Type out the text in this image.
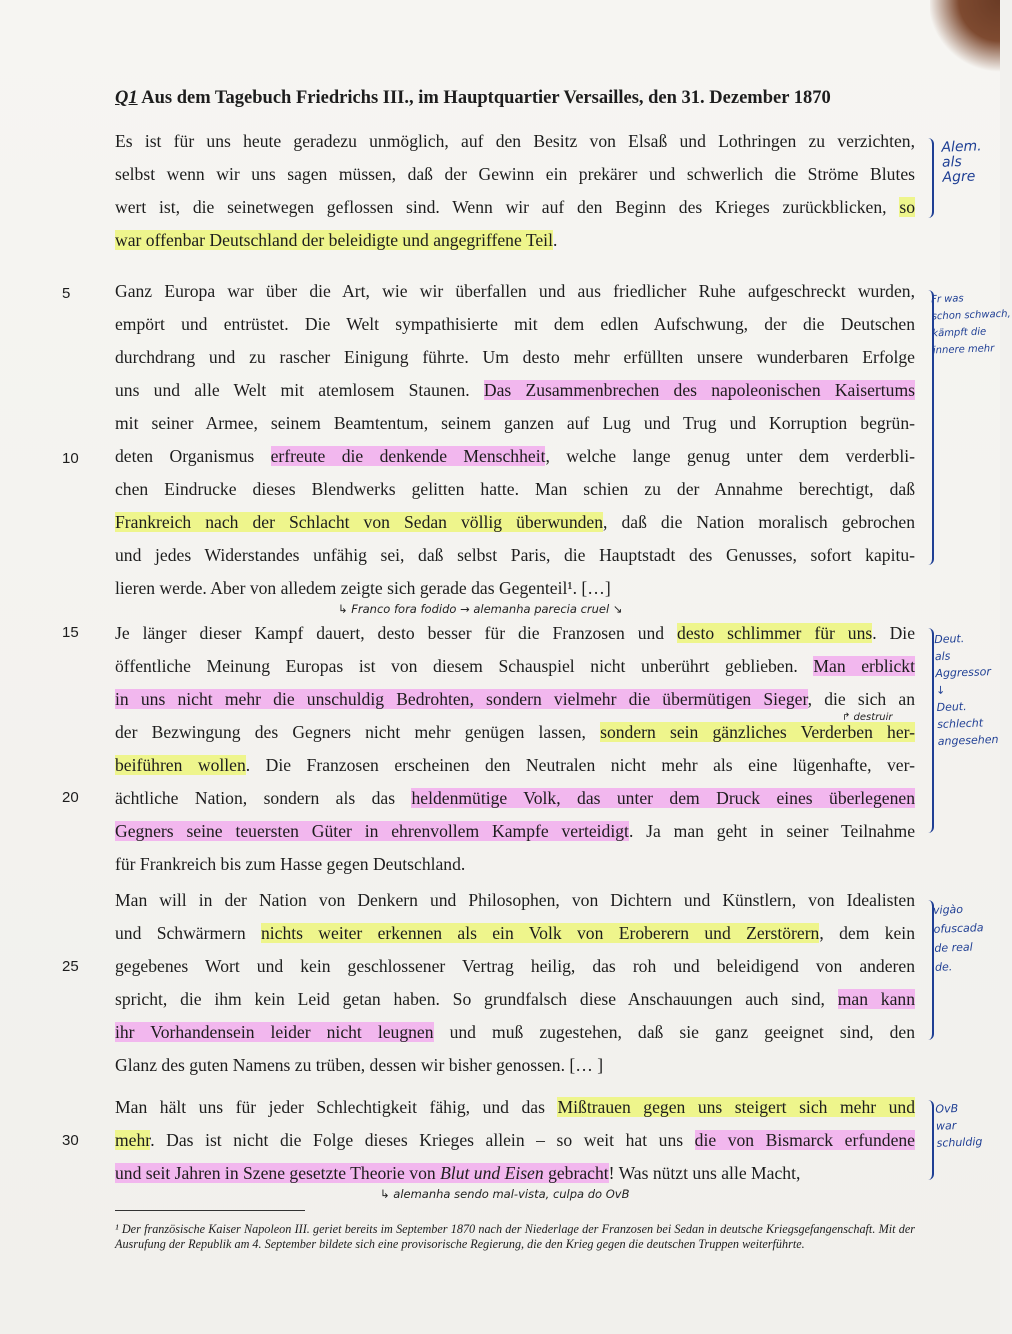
Q1 Aus dem Tagebuch Friedrichs III., im Hauptquartier Versailles, den 31. Dezember 1870
Es ist für uns heute geradezu unmöglich, auf den Besitz von Elsaß und Lothringen zu verzichten,
selbst wenn wir uns sagen müssen, daß der Gewinn ein prekärer und schwerlich die Ströme Blutes
wert ist, die seinetwegen geflossen sind. Wenn wir auf den Beginn des Krieges zurückblicken, so
war offenbar Deutschland der beleidigte und angegriffene Teil.
Ganz Europa war über die Art, wie wir überfallen und aus friedlicher Ruhe aufgeschreckt wurden,
empört und entrüstet. Die Welt sympathisierte mit dem edlen Aufschwung, der die Deutschen
durchdrang und zu rascher Einigung führte. Um desto mehr erfüllten unsere wunderbaren Erfolge
uns und alle Welt mit atemlosem Staunen. Das Zusammenbrechen des napoleonischen Kaisertums
mit seiner Armee, seinem Beamtentum, seinem ganzen auf Lug und Trug und Korruption begrün-
deten Organismus erfreute die denkende Menschheit, welche lange genug unter dem verderbli-
chen Eindrucke dieses Blendwerks gelitten hatte. Man schien zu der Annahme berechtigt, daß
Frankreich nach der Schlacht von Sedan völlig überwunden, daß die Nation moralisch gebrochen
und jedes Widerstandes unfähig sei, daß selbst Paris, die Hauptstadt des Genusses, sofort kapitu-
lieren werde. Aber von alledem zeigte sich gerade das Gegenteil¹. […]
Je länger dieser Kampf dauert, desto besser für die Franzosen und desto schlimmer für uns. Die
öffentliche Meinung Europas ist von diesem Schauspiel nicht unberührt geblieben. Man erblickt
in uns nicht mehr die unschuldig Bedrohten, sondern vielmehr die übermütigen Sieger, die sich an
der Bezwingung des Gegners nicht mehr genügen lassen, sondern sein gänzliches Verderben her-
beiführen wollen. Die Franzosen erscheinen den Neutralen nicht mehr als eine lügenhafte, ver-
ächtliche Nation, sondern als das heldenmütige Volk, das unter dem Druck eines überlegenen
Gegners seine teuersten Güter in ehrenvollem Kampfe verteidigt. Ja man geht in seiner Teilnahme
für Frankreich bis zum Hasse gegen Deutschland.
Man will in der Nation von Denkern und Philosophen, von Dichtern und Künstlern, von Idealisten
und Schwärmern nichts weiter erkennen als ein Volk von Eroberern und Zerstörern, dem kein
gegebenes Wort und kein geschlossener Vertrag heilig, das roh und beleidigend von anderen
spricht, die ihm kein Leid getan haben. So grundfalsch diese Anschauungen auch sind, man kann
ihr Vorhandensein leider nicht leugnen und muß zugestehen, daß sie ganz geeignet sind, den
Glanz des guten Namens zu trüben, dessen wir bisher genossen. [… ]
Man hält uns für jeder Schlechtigkeit fähig, und das Mißtrauen gegen uns steigert sich mehr und
mehr. Das ist nicht die Folge dieses Krieges allein – so weit hat uns die von Bismarck erfundene
und seit Jahren in Szene gesetzte Theorie von Blut und Eisen gebracht! Was nützt uns alle Macht,
5
10
15
20
25
30
Alem.
als
Agre
Fr was
schon schwach,
kämpft die
innere mehr
Deut.
als
Aggressor
↓
Deut.
schlecht
angesehen
vigào
ofuscada
de real
de.
OvB
war
schuldig
↳ Franco fora fodido → alemanha parecia cruel ↘
↳ alemanha sendo mal-vista, culpa do OvB
↱ destruir
¹ Der französische Kaiser Napoleon III. geriet bereits im September 1870 nach der Niederlage der Franzosen bei Sedan in deutsche Kriegsgefangenschaft. Mit der Ausrufung der Republik am 4. September bildete sich eine provisorische Regierung, die den Krieg gegen die deutschen Truppen weiterführte.
